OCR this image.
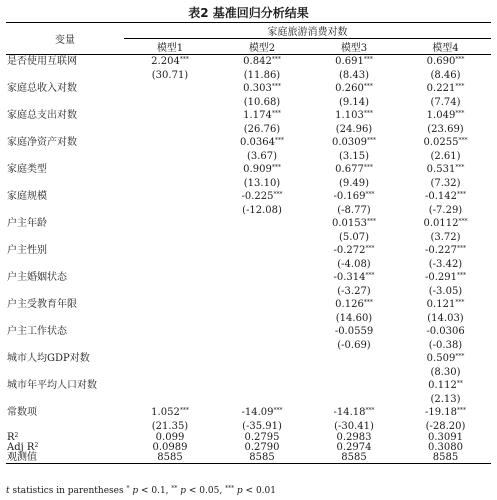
表2 基准回归分析结果
变量	家庭旅游消费对数			
	模型1	模型2	模型3	模型4
是否使用互联网	2.204***	0.842***	0.691***	0.690***
	(30.71)	(11.86)	(8.43)	(8.46)
家庭总收入对数		0.303***	0.260***	0.221***
		(10.68)	(9.14)	(7.74)
家庭总支出对数		1.174***	1.103***	1.049***
		(26.76)	(24.96)	(23.69)
家庭净资产对数		0.0364***	0.0309***	0.0255***
		(3.67)	(3.15)	(2.61)
家庭类型		0.909***	0.677***	0.531***
		(13.10)	(9.49)	(7.32)
家庭规模		-0.225***	-0.169***	-0.142***
		(-12.08)	(-8.77)	(-7.29)
户主年龄			0.0153***	0.0112***
			(5.07)	(3.72)
户主性别			-0.272***	-0.227***
			(-4.08)	(-3.42)
户主婚姻状态			-0.314***	-0.291***
			(-3.27)	(-3.05)
户主受教育年限			0.126***	0.121***
			(14.60)	(14.03)
户主工作状态			-0.0559	-0.0306
			(-0.69)	(-0.38)
城市人均GDP对数				0.509***
				(8.30)
城市年平均人口对数				0.112**
				(2.13)
常数项	1.052***	-14.09***	-14.18***	-19.18***
	(21.35)	(-35.91)	(-30.41)	(-28.20)
$R^2$	0.099	0.2795	0.2983	0.3091
Adj $R^2$	0.0989	0.2790	0.2974	0.3080
观测值	8585	8585	8585	8585
t statistics in parentheses * p < 0.1, ** p < 0.05, *** p < 0.01
